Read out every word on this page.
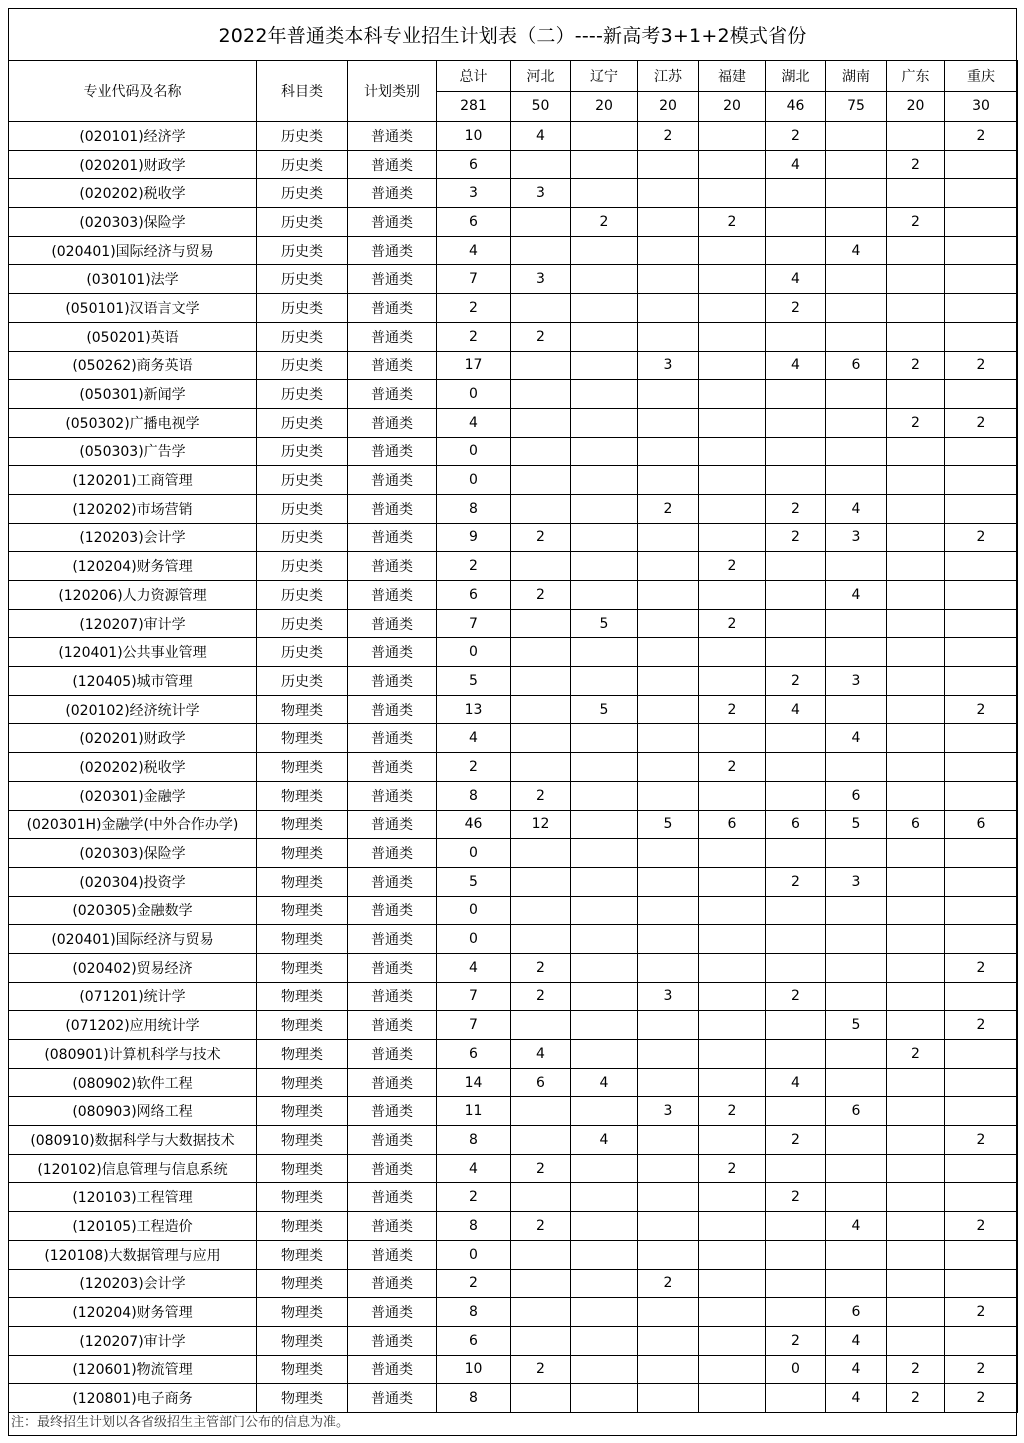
2022年普通类本科专业招生计划表（二）----新高考3+1+2模式省份
专业代码及名称	科目类	计划类别	总计	河北	辽宁	江苏	福建	湖北	湖南	广东	重庆
			281	50	20	20	20	46	75	20	30
(020101)经济学	历史类	普通类	10	4		2		2			2
(020201)财政学	历史类	普通类	6					4		2	
(020202)税收学	历史类	普通类	3	3							
(020303)保险学	历史类	普通类	6		2		2			2	
(020401)国际经济与贸易	历史类	普通类	4						4		
(030101)法学	历史类	普通类	7	3				4			
(050101)汉语言文学	历史类	普通类	2					2			
(050201)英语	历史类	普通类	2	2							
(050262)商务英语	历史类	普通类	17			3		4	6	2	2
(050301)新闻学	历史类	普通类	0								
(050302)广播电视学	历史类	普通类	4							2	2
(050303)广告学	历史类	普通类	0								
(120201)工商管理	历史类	普通类	0								
(120202)市场营销	历史类	普通类	8			2		2	4		
(120203)会计学	历史类	普通类	9	2				2	3		2
(120204)财务管理	历史类	普通类	2				2				
(120206)人力资源管理	历史类	普通类	6	2					4		
(120207)审计学	历史类	普通类	7		5		2				
(120401)公共事业管理	历史类	普通类	0								
(120405)城市管理	历史类	普通类	5					2	3		
(020102)经济统计学	物理类	普通类	13		5		2	4			2
(020201)财政学	物理类	普通类	4						4		
(020202)税收学	物理类	普通类	2				2				
(020301)金融学	物理类	普通类	8	2					6		
(020301H)金融学(中外合作办学)	物理类	普通类	46	12		5	6	6	5	6	6
(020303)保险学	物理类	普通类	0								
(020304)投资学	物理类	普通类	5					2	3		
(020305)金融数学	物理类	普通类	0								
(020401)国际经济与贸易	物理类	普通类	0								
(020402)贸易经济	物理类	普通类	4	2							2
(071201)统计学	物理类	普通类	7	2		3		2			
(071202)应用统计学	物理类	普通类	7						5		2
(080901)计算机科学与技术	物理类	普通类	6	4						2	
(080902)软件工程	物理类	普通类	14	6	4			4			
(080903)网络工程	物理类	普通类	11			3	2		6		
(080910)数据科学与大数据技术	物理类	普通类	8		4			2			2
(120102)信息管理与信息系统	物理类	普通类	4	2			2				
(120103)工程管理	物理类	普通类	2					2			
(120105)工程造价	物理类	普通类	8	2					4		2
(120108)大数据管理与应用	物理类	普通类	0								
(120203)会计学	物理类	普通类	2			2					
(120204)财务管理	物理类	普通类	8						6		2
(120207)审计学	物理类	普通类	6					2	4		
(120601)物流管理	物理类	普通类	10	2				0	4	2	2
(120801)电子商务	物理类	普通类	8						4	2	2
注：最终招生计划以各省级招生主管部门公布的信息为准。
